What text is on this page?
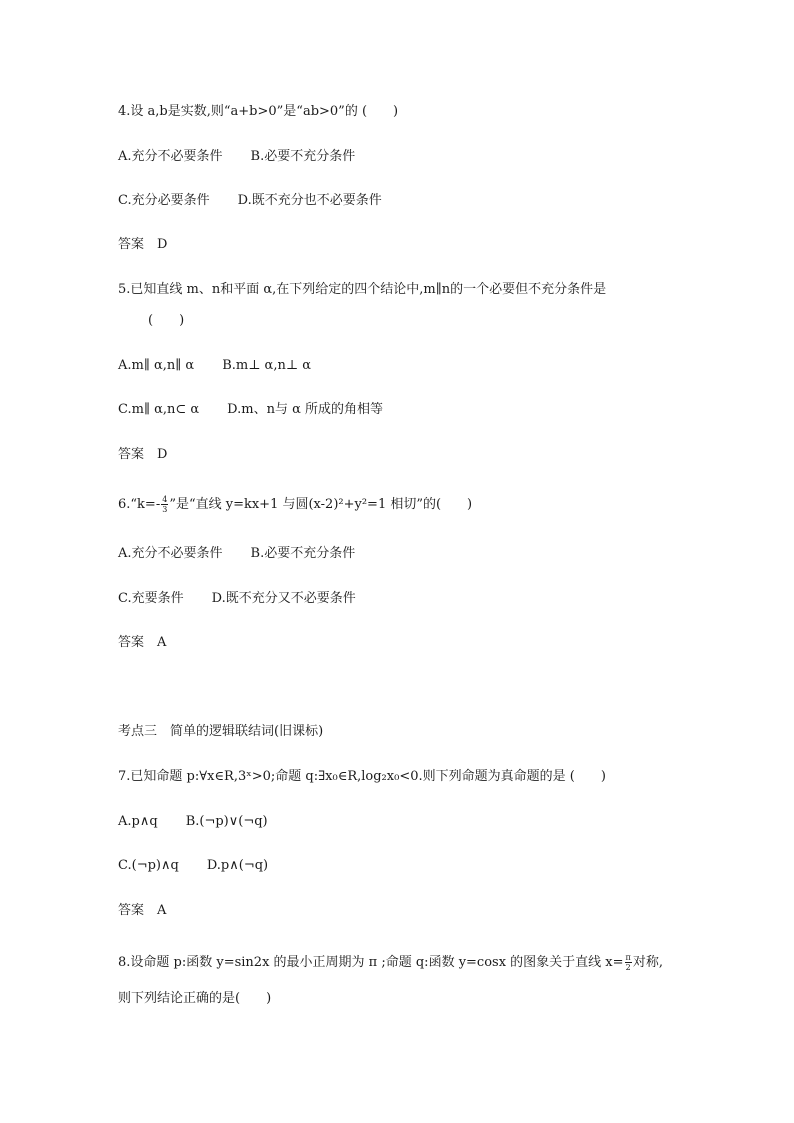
4.设 a,b是实数,则“a+b>0”是“ab>0”的 (　　)
A.充分不必要条件 B.必要不充分条件
C.充分必要条件 D.既不充分也不必要条件
答案　D
5.已知直线 m、n和平面 α,在下列给定的四个结论中,m∥n的一个必要但不充分条件是
(　　)
A.m∥ α,n∥ α B.m⊥ α,n⊥ α
C.m∥ α,n⊂ α D.m、n与 α 所成的角相等
答案　D
6.“k=- $\frac{4}{3}$ ”是“直线 y=kx+1 与圆(x-2)²+y²=1 相切”的(　　)
A.充分不必要条件 B.必要不充分条件
C.充要条件 D.既不充分又不必要条件
答案　A
考点三　简单的逻辑联结词(旧课标)
7.已知命题 p:∀x∈R,3ˣ>0;命题 q:∃x₀∈R,log₂x₀<0.则下列命题为真命题的是 (　　)
A.p∧q B.(¬p)∨(¬q)
C.(¬p)∧q D.p∧(¬q)
答案　A
8.设命题 p:函数 y=sin2x 的最小正周期为 π ;命题 q:函数 y=cosx 的图象关于直线 $x= \frac{\pi}{2}$ 对称,
则下列结论正确的是(　　)
